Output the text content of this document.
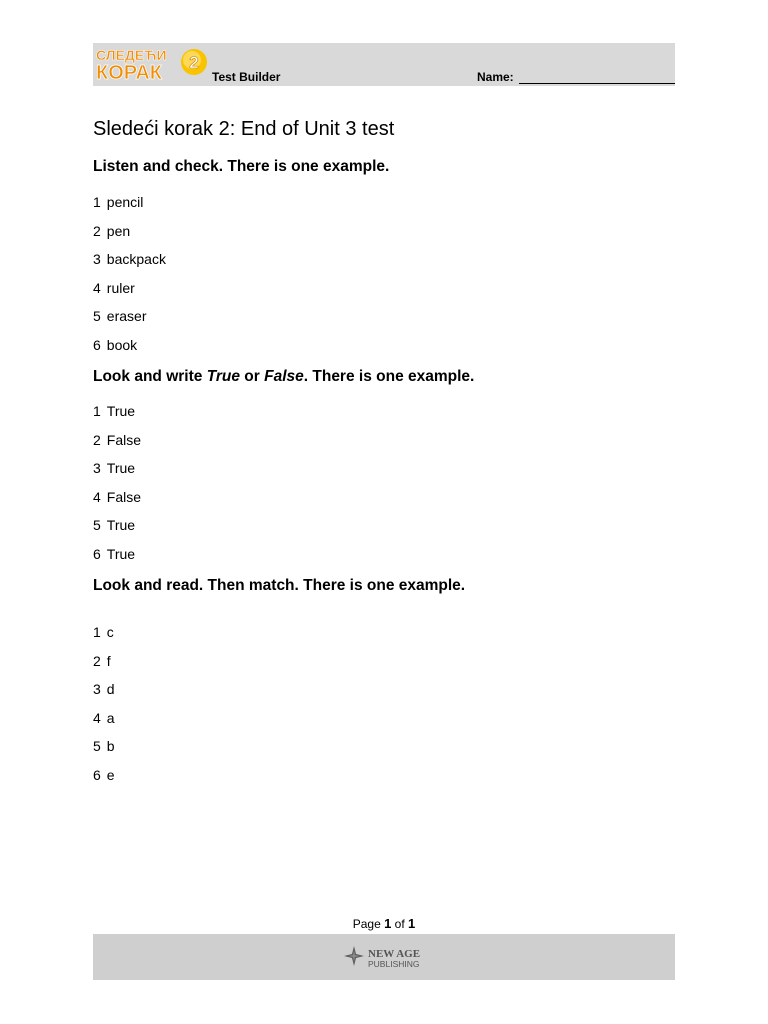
2
СЛЕДЕЋИ
КОРАК	Test Builder	Name:
Sledeći korak 2: End of Unit 3 test
Listen and check. There is one example.
1 pencil
2 pen
3 backpack
4 ruler
5 eraser
6 book
Look and write True or False. There is one example.
1 True
2 False
3 True
4 False
5 True
6 True
Look and read. Then match. There is one example.
1 c
2 f
3 d
4 a
5 b
6 e
Page 1 of 1
NEW AGE
PUBLISHING
